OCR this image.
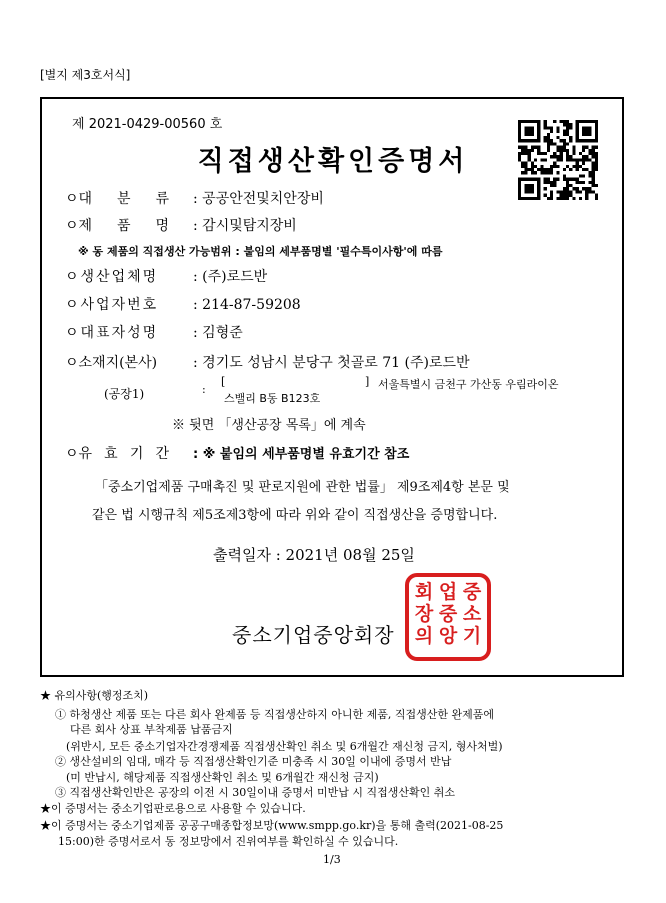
[별지 제3호서식]
제 2021-0429-00560 호
직접생산확인증명서
ㅇ대 분 류 : 공공안전및치안장비
ㅇ제 품 명 : 감시및탐지장비
※ 동 제품의 직접생산 가능범위 : 붙임의 세부품명별 '필수특이사항'에 따름
ㅇ생산업체명 : (주)로드반
ㅇ사업자번호 : 214-87-59208
ㅇ대표자성명 : 김형준
ㅇ소재지(본사)	: 경기도 성남시 분당구 첫골로 71 (주)로드반
(공장1)	:
[	] 서울특별시 금천구 가산동 우림라이온
스밸리 B동 B123호
※ 뒷면 「생산공장 목록」에 계속
ㅇ유 효 기 간 : ※ 붙임의 세부품명별 유효기간 참조
「중소기업제품 구매촉진 및 판로지원에 관한 법률」 제9조제4항 본문 및
같은 법 시행규칙 제5조제3항에 따라 위와 같이 직접생산을 증명합니다.
출력일자 : 2021년 08월 25일
중소기업중앙회장
중
소
기
업
중
앙
회
장
의
★ 유의사항(행정조치)
① 하청생산 제품 또는 다른 회사 완제품 등 직접생산하지 아니한 제품, 직접생산한 완제품에
다른 회사 상표 부착제품 납품금지
(위반시, 모든 중소기업자간경쟁제품 직접생산확인 취소 및 6개월간 재신청 금지, 형사처벌)
② 생산설비의 임대, 매각 등 직접생산확인기준 미충족 시 30일 이내에 증명서 반납
(미 반납시, 해당제품 직접생산확인 취소 및 6개월간 재신청 금지)
③ 직접생산확인반은 공장의 이전 시 30일이내 증명서 미반납 시 직접생산확인 취소
★이 증명서는 중소기업판로용으로 사용할 수 있습니다.
★이 증명서는 중소기업제품 공공구매종합정보망(www.smpp.go.kr)을 통해 출력(2021-08-25
15:00)한 증명서로서 동 정보망에서 진위여부를 확인하실 수 있습니다.
1/3
